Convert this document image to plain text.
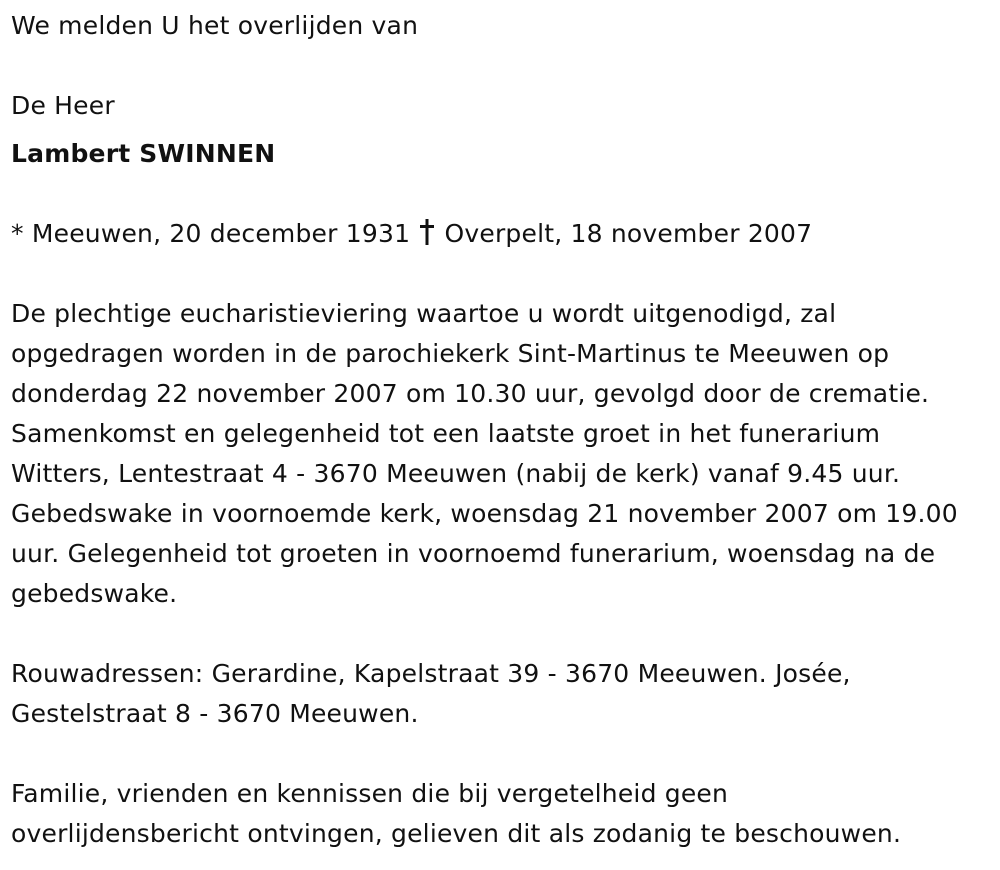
We melden U het overlijden van
De Heer
Lambert SWINNEN
* Meeuwen, 20 december 1931 Overpelt, 18 november 2007
De plechtige eucharistieviering waartoe u wordt uitgenodigd, zal
opgedragen worden in de parochiekerk Sint-Martinus te Meeuwen op
donderdag 22 november 2007 om 10.30 uur, gevolgd door de crematie.
Samenkomst en gelegenheid tot een laatste groet in het funerarium
Witters, Lentestraat 4 - 3670 Meeuwen (nabij de kerk) vanaf 9.45 uur.
Gebedswake in voornoemde kerk, woensdag 21 november 2007 om 19.00
uur. Gelegenheid tot groeten in voornoemd funerarium, woensdag na de
gebedswake.
Rouwadressen: Gerardine, Kapelstraat 39 - 3670 Meeuwen. Josée,
Gestelstraat 8 - 3670 Meeuwen.
Familie, vrienden en kennissen die bij vergetelheid geen
overlijdensbericht ontvingen, gelieven dit als zodanig te beschouwen.
